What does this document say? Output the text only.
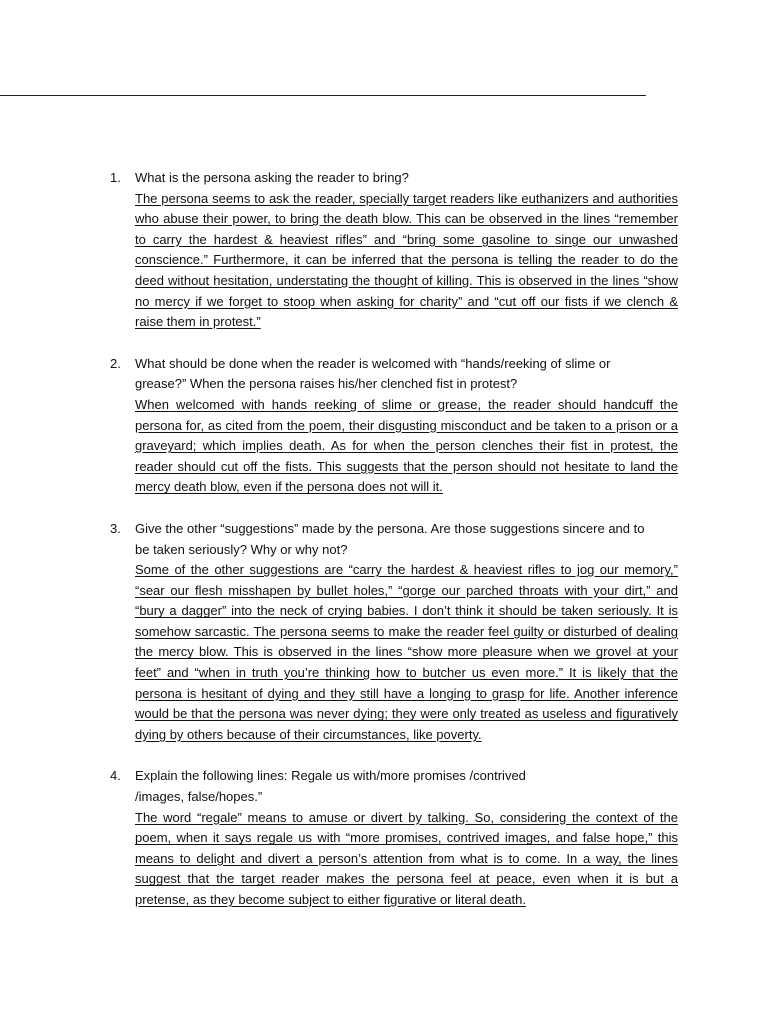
1. What is the persona asking the reader to bring?
The persona seems to ask the reader, specially target readers like euthanizers and authorities who abuse their power, to bring the death blow. This can be observed in the lines “remember to carry the hardest & heaviest rifles” and “bring some gasoline to singe our unwashed conscience.” Furthermore, it can be inferred that the persona is telling the reader to do the deed without hesitation, understating the thought of killing. This is observed in the lines “show no mercy if we forget to stoop when asking for charity” and “cut off our fists if we clench & raise them in protest.”
2. What should be done when the reader is welcomed with “hands/reeking of slime or
grease?” When the persona raises his/her clenched fist in protest?
When welcomed with hands reeking of slime or grease, the reader should handcuff the persona for, as cited from the poem, their disgusting misconduct and be taken to a prison or a graveyard; which implies death. As for when the person clenches their fist in protest, the reader should cut off the fists. This suggests that the person should not hesitate to land the mercy death blow, even if the persona does not will it.
3. Give the other “suggestions” made by the persona. Are those suggestions sincere and to
be taken seriously? Why or why not?
Some of the other suggestions are “carry the hardest & heaviest rifles to jog our memory,” “sear our flesh misshapen by bullet holes,” “gorge our parched throats with your dirt,” and “bury a dagger” into the neck of crying babies. I don’t think it should be taken seriously. It is somehow sarcastic. The persona seems to make the reader feel guilty or disturbed of dealing the mercy blow. This is observed in the lines “show more pleasure when we grovel at your feet” and “when in truth you’re thinking how to butcher us even more.” It is likely that the persona is hesitant of dying and they still have a longing to grasp for life. Another inference would be that the persona was never dying; they were only treated as useless and figuratively dying by others because of their circumstances, like poverty.
4. Explain the following lines: Regale us with/more promises /contrived
/images, false/hopes.”
The word “regale” means to amuse or divert by talking. So, considering the context of the poem, when it says regale us with “more promises, contrived images, and false hope,” this means to delight and divert a person’s attention from what is to come. In a way, the lines suggest that the target reader makes the persona feel at peace, even when it is but a pretense, as they become subject to either figurative or literal death.
